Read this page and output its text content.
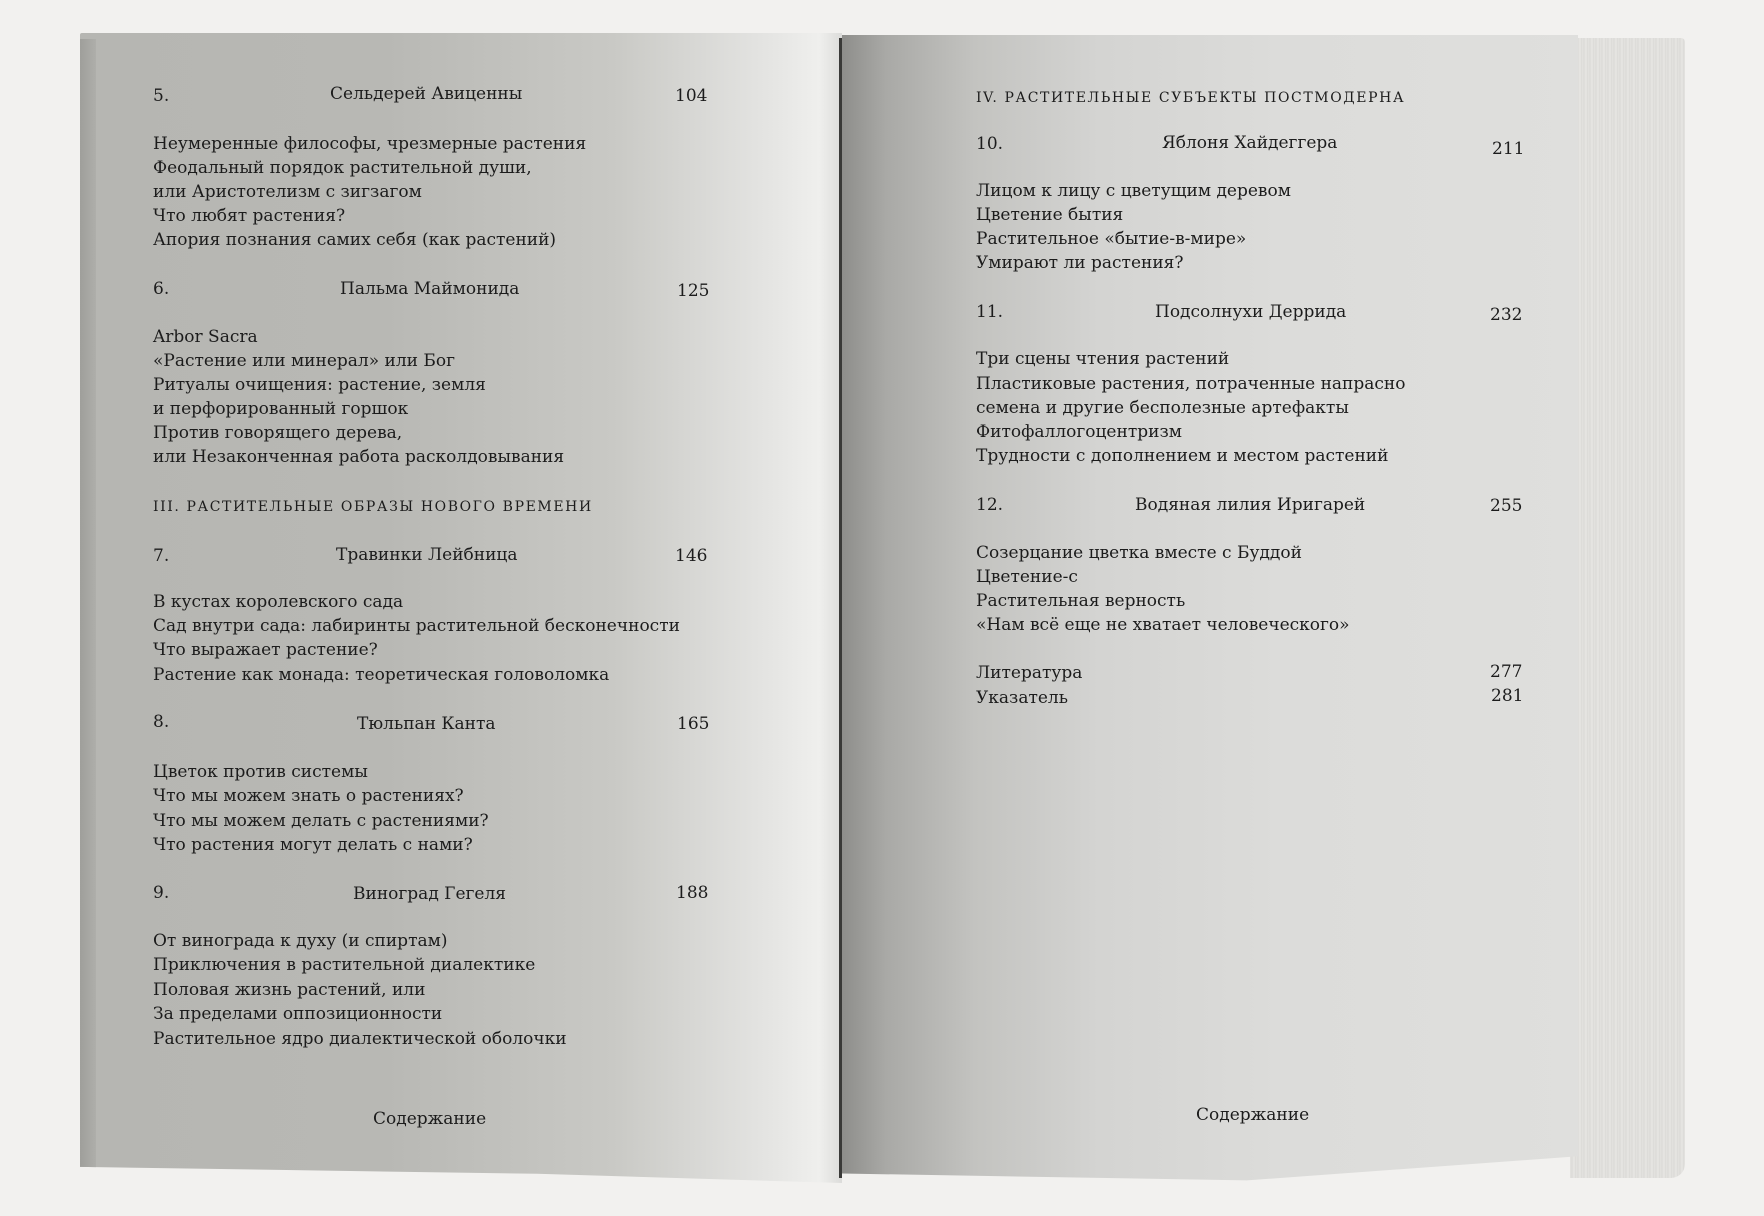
5.	Сельдерей Авиценны	104
Неумеренные философы, чрезмерные растения
Феодальный порядок растительной души,
или Аристотелизм с зигзагом
Что любят растения?
Апория познания самих себя (как растений)
6.	Пальма Маймонида	125
Arbor Sacra
«Растение или минерал» или Бог
Ритуалы очищения: растение, земля
и перфорированный горшок
Против говорящего дерева,
или Незаконченная работа расколдовывания
III. РАСТИТЕЛЬНЫЕ ОБРАЗЫ НОВОГО ВРЕМЕНИ
7.	Травинки Лейбница	146
В кустах королевского сада
Сад внутри сада: лабиринты растительной бесконечности
Что выражает растение?
Растение как монада: теоретическая головоломка
8.	Тюльпан Канта	165
Цветок против системы
Что мы можем знать о растениях?
Что мы можем делать с растениями?
Что растения могут делать с нами?
9.	Виноград Гегеля	188
От винограда к духу (и спиртам)
Приключения в растительной диалектике
Половая жизнь растений, или
За пределами оппозиционности
Растительное ядро диалектической оболочки
Содержание
IV. РАСТИТЕЛЬНЫЕ СУБЪЕКТЫ ПОСТМОДЕРНА
10.	Яблоня Хайдеггера	211
Лицом к лицу с цветущим деревом
Цветение бытия
Растительное «бытие-в-мире»
Умирают ли растения?
11.	Подсолнухи Деррида	232
Три сцены чтения растений
Пластиковые растения, потраченные напрасно
семена и другие бесполезные артефакты
Фитофаллогоцентризм
Трудности с дополнением и местом растений
12.	Водяная лилия Иригарей	255
Созерцание цветка вместе с Буддой
Цветение-с
Растительная верность
«Нам всё еще не хватает человеческого»
Литература	277
Указатель	281
Содержание
